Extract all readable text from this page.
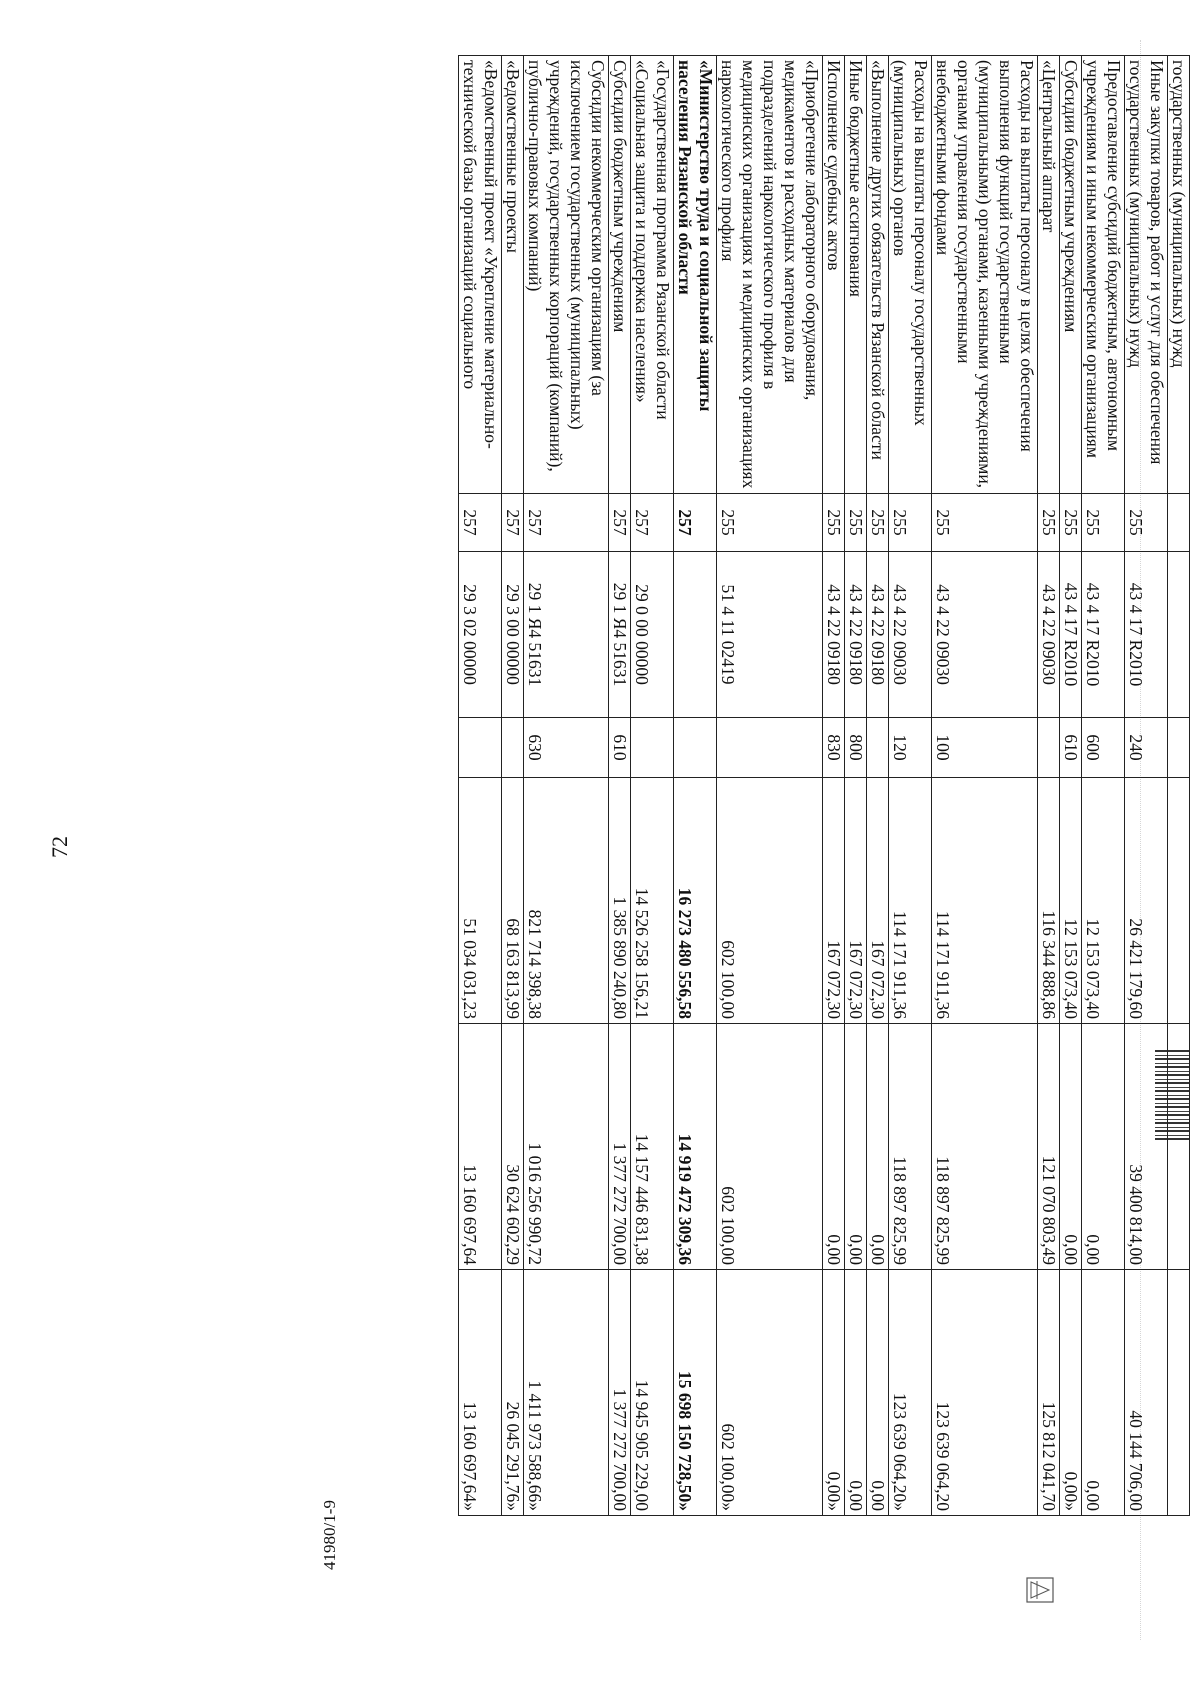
72
41980/1-9
государственных (муниципальных) нужд						
Иные закупки товаров, работ и услуг для обеспечения государственных (муниципальных) нужд	255	43 4 17 R2010	240	26 421 179,60	39 400 814,00	40 144 706,00
Предоставление субсидий бюджетным, автономным учреждениям и иным некоммерческим организациям	255	43 4 17 R2010	600	12 153 073,40	0,00	0,00
Субсидии бюджетным учреждениям	255	43 4 17 R2010	610	12 153 073,40	0,00	0,00»
«Центральный аппарат	255	43 4 22 09030		116 344 888,86	121 070 803,49	125 812 041,70
Расходы на выплаты персоналу в целях обеспечения выполнения функций государственными (муниципальными) органами, казенными учреждениями, органами управления государственными внебюджетными фондами	255	43 4 22 09030	100	114 171 911,36	118 897 825,99	123 639 064,20
Расходы на выплаты персоналу государственных (муниципальных) органов	255	43 4 22 09030	120	114 171 911,36	118 897 825,99	123 639 064,20»
«Выполнение других обязательств Рязанской области	255	43 4 22 09180		167 072,30	0,00	0,00
Иные бюджетные ассигнования	255	43 4 22 09180	800	167 072,30	0,00	0,00
Исполнение судебных актов	255	43 4 22 09180	830	167 072,30	0,00	0,00»
«Приобретение лабораторного оборудования, медикаментов и расходных материалов для подразделений наркологического профиля в медицинских организациях и медицинских организациях наркологического профиля	255	51 4 11 02419		602 100,00	602 100,00	602 100,00»
«Министерство труда и социальной защиты населения Рязанской области	257			16 273 480 556,58	14 919 472 309,36	15 698 150 728,50»
«Государственная программа Рязанской области «Социальная защита и поддержка населения»	257	29 0 00 00000		14 526 258 156,21	14 157 446 831,38	14 945 905 229,00
Субсидии бюджетным учреждениям	257	29 1 Я4 51631	610	1 385 890 240,80	1 377 272 700,00	1 377 272 700,00
Субсидии некоммерческим организациям (за исключением государственных (муниципальных) учреждений, государственных корпораций (компаний), публично-правовых компаний)	257	29 1 Я4 51631	630	821 714 398,38	1 016 256 990,72	1 411 973 588,66»
«Ведомственные проекты	257	29 3 00 00000		68 163 813,99	30 624 602,29	26 045 291,76»
«Ведомственный проект «Укрепление материально-технической базы организаций социального	257	29 3 02 00000		51 034 031,23	13 160 697,64	13 160 697,64»
